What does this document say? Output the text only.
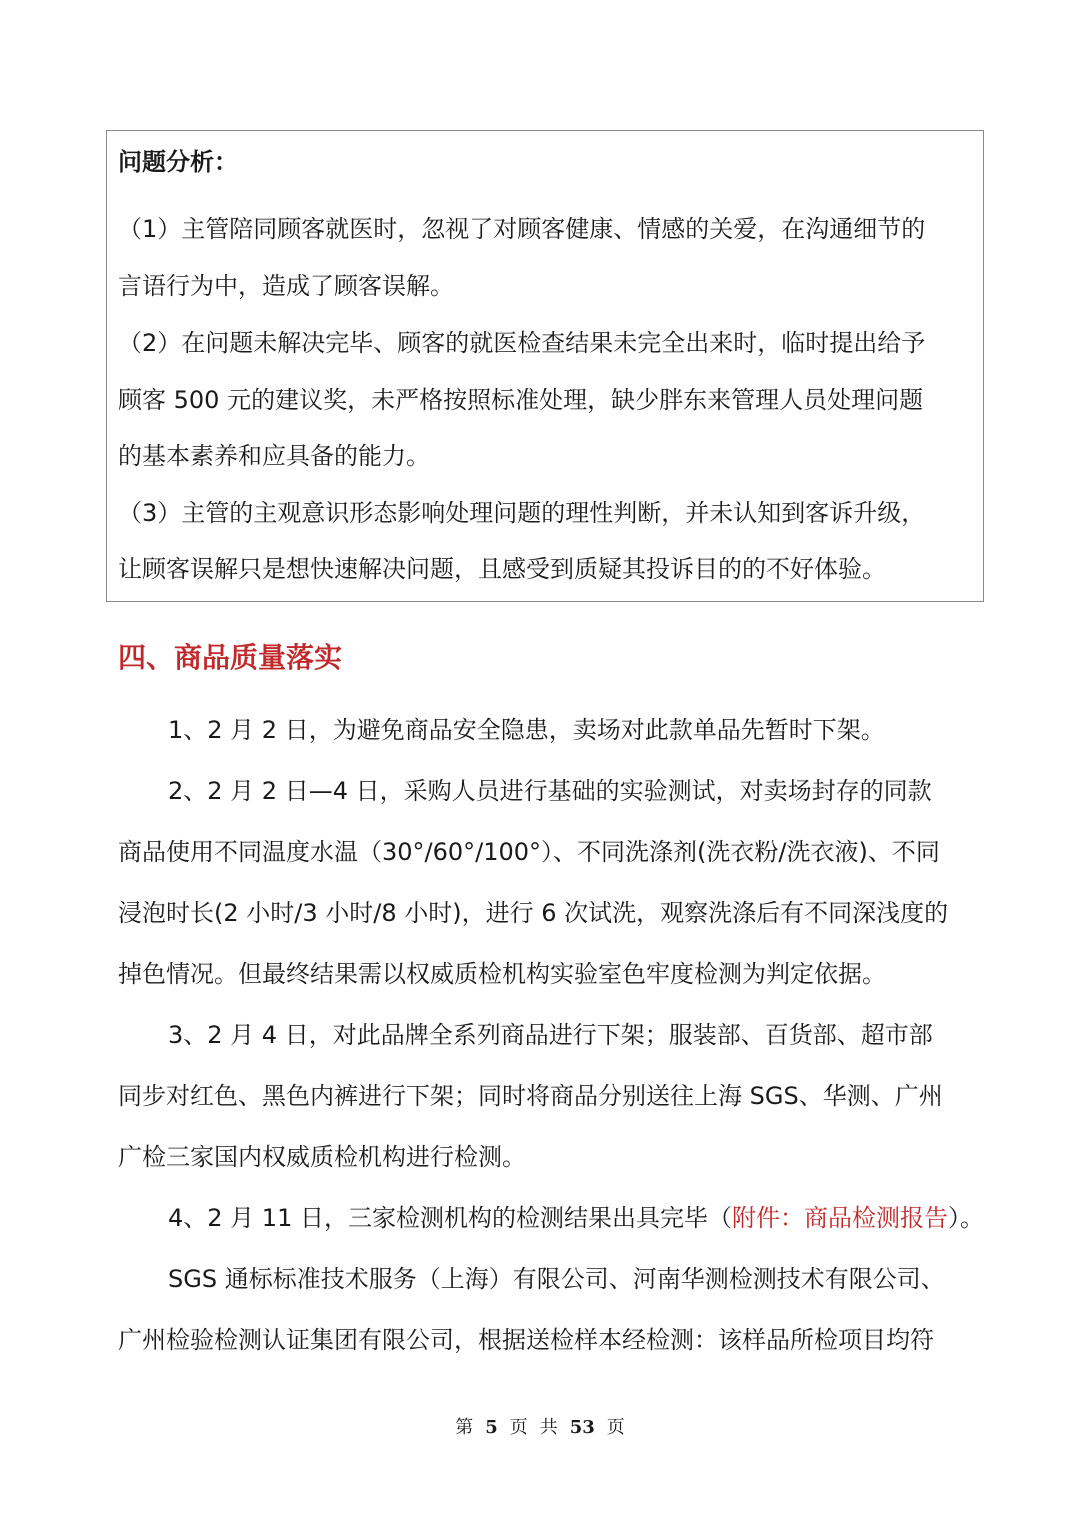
问题分析：
（1）主管陪同顾客就医时，忽视了对顾客健康、情感的关爱，在沟通细节的
言语行为中，造成了顾客误解。
（2）在问题未解决完毕、顾客的就医检查结果未完全出来时，临时提出给予
顾客 500 元的建议奖，未严格按照标准处理，缺少胖东来管理人员处理问题
的基本素养和应具备的能力。
（3）主管的主观意识形态影响处理问题的理性判断，并未认知到客诉升级，
让顾客误解只是想快速解决问题，且感受到质疑其投诉目的的不好体验。
四、商品质量落实
1、2 月 2 日，为避免商品安全隐患，卖场对此款单品先暂时下架。
2、2 月 2 日—4 日，采购人员进行基础的实验测试，对卖场封存的同款
商品使用不同温度水温（30°/60°/100°）、不同洗涤剂(洗衣粉/洗衣液)、不同
浸泡时长(2 小时/3 小时/8 小时)，进行 6 次试洗，观察洗涤后有不同深浅度的
掉色情况。但最终结果需以权威质检机构实验室色牢度检测为判定依据。
3、2 月 4 日，对此品牌全系列商品进行下架；服装部、百货部、超市部
同步对红色、黑色内裤进行下架；同时将商品分别送往上海 SGS、华测、广州
广检三家国内权威质检机构进行检测。
4、2 月 11 日，三家检测机构的检测结果出具完毕（附件：商品检测报告）。
SGS 通标标准技术服务（上海）有限公司、河南华测检测技术有限公司、
广州检验检测认证集团有限公司，根据送检样本经检测：该样品所检项目均符
第 5 页 共 53 页
